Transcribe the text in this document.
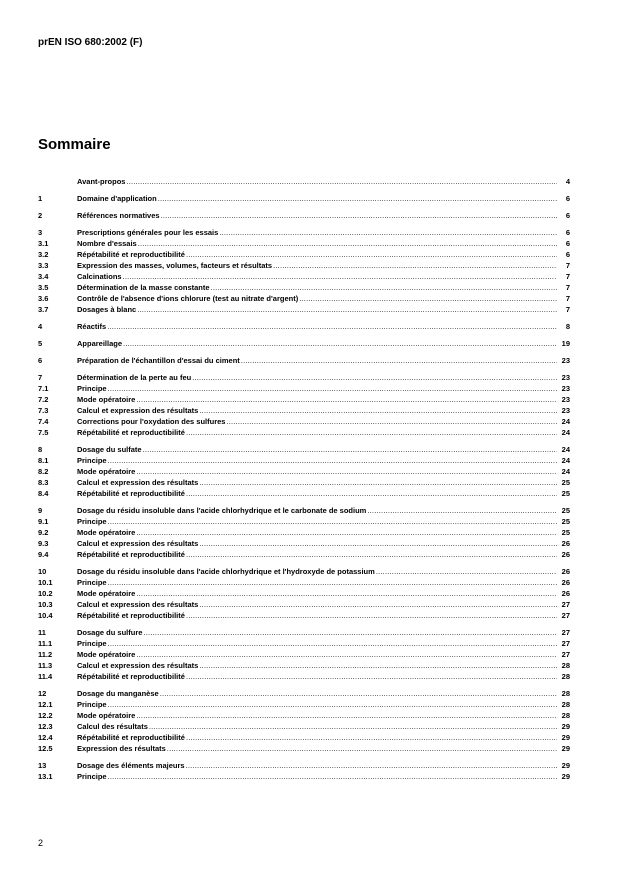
prEN ISO 680:2002 (F)
Sommaire
Avant-propos .....	4
1	Domaine d'application .....	6
2	Références normatives .....	6
3	Prescriptions générales pour les essais .....	6
3.1	Nombre d'essais .....	6
3.2	Répétabilité et reproductibilité .....	6
3.3	Expression des masses, volumes, facteurs et résultats .....	7
3.4	Calcinations .....	7
3.5	Détermination de la masse constante .....	7
3.6	Contrôle de l'absence d'ions chlorure (test au nitrate d'argent) .....	7
3.7	Dosages à blanc .....	7
4	Réactifs .....	8
5	Appareillage .....	19
6	Préparation de l'échantillon d'essai du ciment .....	23
7	Détermination de la perte au feu .....	23
7.1	Principe .....	23
7.2	Mode opératoire .....	23
7.3	Calcul et expression des résultats .....	23
7.4	Corrections pour l'oxydation des sulfures .....	24
7.5	Répétabilité et reproductibilité .....	24
8	Dosage du sulfate .....	24
8.1	Principe .....	24
8.2	Mode opératoire .....	24
8.3	Calcul et expression des résultats .....	25
8.4	Répétabilité et reproductibilité .....	25
9	Dosage du résidu insoluble dans l'acide chlorhydrique et le carbonate de sodium .....	25
9.1	Principe .....	25
9.2	Mode opératoire .....	25
9.3	Calcul et expression des résultats .....	26
9.4	Répétabilité et reproductibilité .....	26
10	Dosage du résidu insoluble dans l'acide chlorhydrique et l'hydroxyde de potassium .....	26
10.1	Principe .....	26
10.2	Mode opératoire .....	26
10.3	Calcul et expression des résultats .....	27
10.4	Répétabilité et reproductibilité .....	27
11	Dosage du sulfure .....	27
11.1	Principe .....	27
11.2	Mode opératoire .....	27
11.3	Calcul et expression des résultats .....	28
11.4	Répétabilité et reproductibilité .....	28
12	Dosage du manganèse .....	28
12.1	Principe .....	28
12.2	Mode opératoire .....	28
12.3	Calcul des résultats .....	29
12.4	Répétabilité et reproductibilité .....	29
12.5	Expression des résultats .....	29
13	Dosage des éléments majeurs .....	29
13.1	Principe .....	29
2
